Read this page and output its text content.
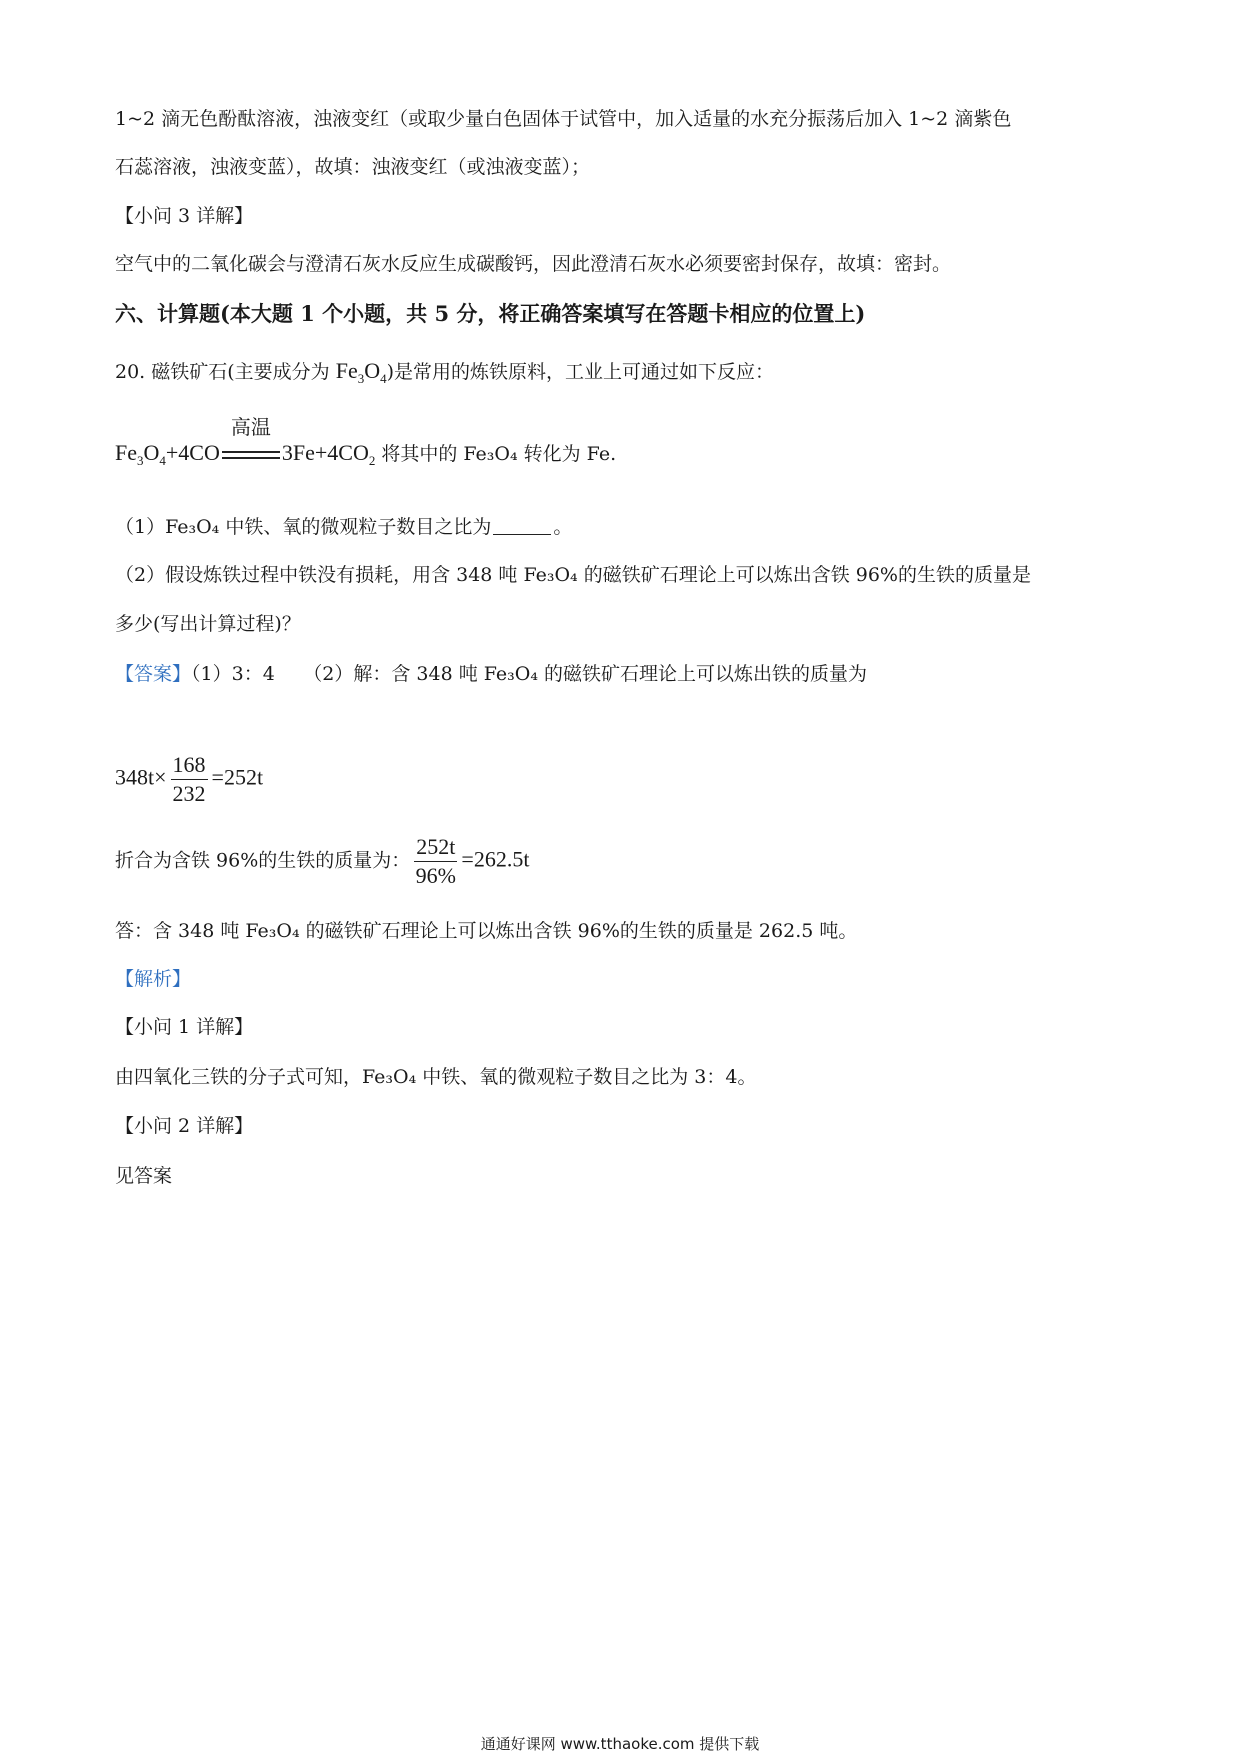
1~2 滴无色酚酞溶液，浊液变红（或取少量白色固体于试管中，加入适量的水充分振荡后加入 1~2 滴紫色
石蕊溶液，浊液变蓝），故填：浊液变红（或浊液变蓝）；
【小问 3 详解】
空气中的二氧化碳会与澄清石灰水反应生成碳酸钙，因此澄清石灰水必须要密封保存，故填：密封。
六、计算题(本大题 1 个小题，共 5 分，将正确答案填写在答题卡相应的位置上)
20. 磁铁矿石(主要成分为 $Fe_3O_4$)是常用的炼铁原料，工业上可通过如下反应：
$Fe_3O_4+4CO$
高温
$3Fe+4CO_2$ 将其中的 Fe₃O₄ 转化为 Fe.
（1）Fe₃O₄ 中铁、氧的微观粒子数目之比为	。
（2）假设炼铁过程中铁没有损耗，用含 348 吨 Fe₃O₄ 的磁铁矿石理论上可以炼出含铁 96%的生铁的质量是
多少(写出计算过程)？
【答案】（1）3：4　　（2）解：含 348 吨 Fe₃O₄ 的磁铁矿石理论上可以炼出铁的质量为
$348t\times \frac{168}{232} =252t$
折合为含铁 96%的生铁的质量为： $\frac{252t}{96\%} =262.5t$
答：含 348 吨 Fe₃O₄ 的磁铁矿石理论上可以炼出含铁 96%的生铁的质量是 262.5 吨。
【解析】
【小问 1 详解】
由四氧化三铁的分子式可知，Fe₃O₄ 中铁、氧的微观粒子数目之比为 3：4。
【小问 2 详解】
见答案
通通好课网 www.tthaoke.com 提供下载
